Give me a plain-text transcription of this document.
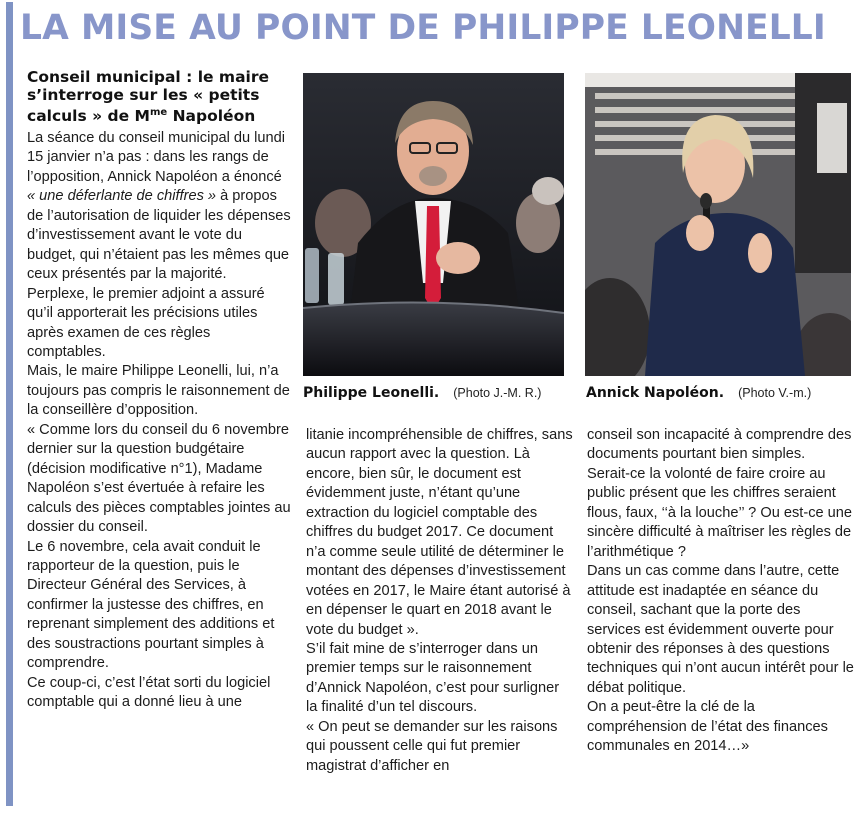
LA MISE AU POINT DE PHILIPPE LEONELLI
Conseil municipal : le maire s’interroge sur les « petits calculs » de $M^{me}$ Napoléon

La séance du conseil municipal du lundi 15 janvier n’a pas : dans les rangs de l’opposition, Annick Napoléon a énoncé « une déferlante de chiffres » à propos de l’autorisation de liquider les dépenses d’investissement avant le vote du budget, qui n’étaient pas les mêmes que ceux présentés par la majorité.

Perplexe, le premier adjoint a assuré qu’il apporterait les précisions utiles après examen de ces règles comptables.

Mais, le maire Philippe Leonelli, lui, n’a toujours pas compris le raisonnement de la conseillère d’opposition.

« Comme lors du conseil du 6 novembre dernier sur la question budgétaire (décision modificative n°1), Madame Napoléon s’est évertuée à refaire les calculs des pièces comptables jointes au dossier du conseil.

Le 6 novembre, cela avait conduit le rapporteur de la question, puis le Directeur Général des Services, à confirmer la justesse des chiffres, en reprenant simplement des additions et des soustractions pourtant simples à comprendre.

Ce coup-ci, c’est l’état sorti du logiciel comptable qui a donné lieu à une

Philippe Leonelli. (Photo J.-M. R.)	Annick Napoléon. (Photo V.-m.)

litanie incompréhensible de chiffres, sans aucun rapport avec la question. Là encore, bien sûr, le document est évidemment juste, n’étant qu’une extraction du logiciel comptable des chiffres du budget 2017. Ce document n’a comme seule utilité de déterminer le montant des dépenses d’investissement votées en 2017, le Maire étant autorisé à en dépenser le quart en 2018 avant le vote du budget ».

S’il fait mine de s’interroger dans un premier temps sur le raisonnement d’Annick Napoléon, c’est pour surligner la finalité d’un tel discours.

« On peut se demander sur les raisons qui poussent celle qui fut premier magistrat d’afficher en

conseil son incapacité à comprendre des documents pourtant bien simples.

Serait-ce la volonté de faire croire au public présent que les chiffres seraient flous, faux, ‘‘à la louche’’ ? Ou est-ce une sincère difficulté à maîtriser les règles de l’arithmétique ?

Dans un cas comme dans l’autre, cette attitude est inadaptée en séance du conseil, sachant que la porte des services est évidemment ouverte pour obtenir des réponses à des questions techniques qui n’ont aucun intérêt pour le débat politique.

On a peut-être la clé de la compréhension de l’état des finances communales en 2014…»
